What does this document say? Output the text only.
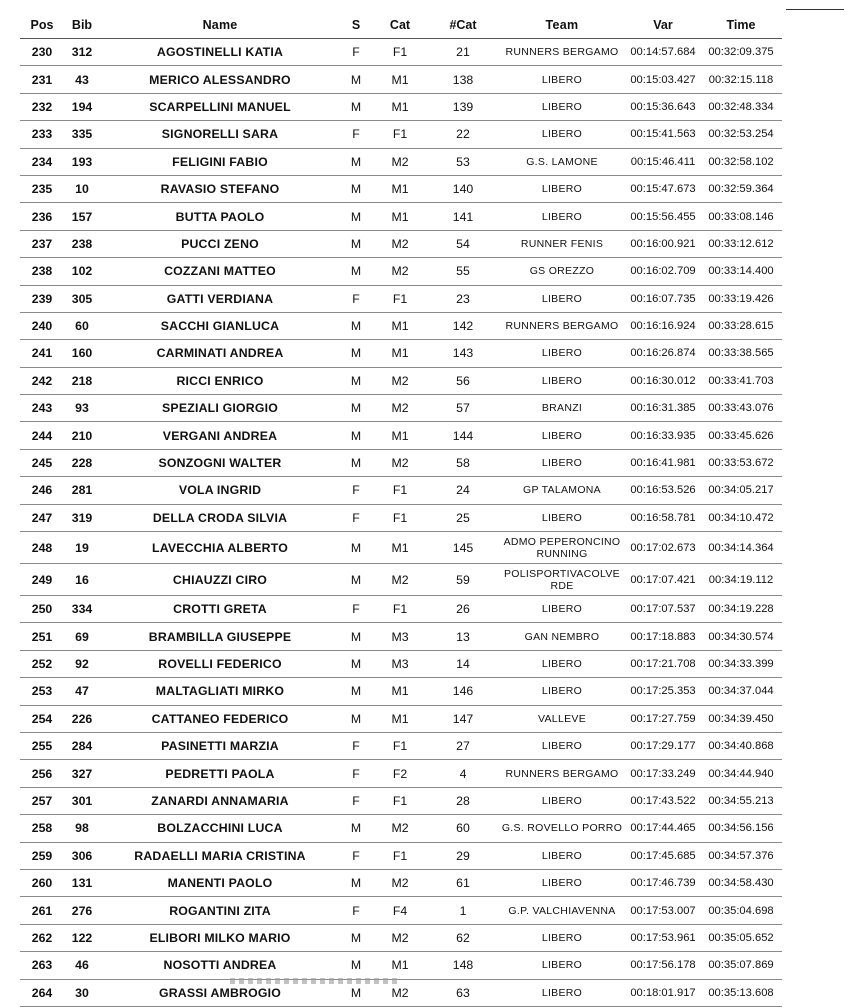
Pos	Bib	Name	S	Cat	#Cat	Team	Var	Time
230	312	AGOSTINELLI KATIA	F	F1	21	RUNNERS BERGAMO	00:14:57.684	00:32:09.375
231	43	MERICO ALESSANDRO	M	M1	138	LIBERO	00:15:03.427	00:32:15.118
232	194	SCARPELLINI MANUEL	M	M1	139	LIBERO	00:15:36.643	00:32:48.334
233	335	SIGNORELLI SARA	F	F1	22	LIBERO	00:15:41.563	00:32:53.254
234	193	FELIGINI FABIO	M	M2	53	G.S. LAMONE	00:15:46.411	00:32:58.102
235	10	RAVASIO STEFANO	M	M1	140	LIBERO	00:15:47.673	00:32:59.364
236	157	BUTTA PAOLO	M	M1	141	LIBERO	00:15:56.455	00:33:08.146
237	238	PUCCI ZENO	M	M2	54	RUNNER FENIS	00:16:00.921	00:33:12.612
238	102	COZZANI MATTEO	M	M2	55	GS OREZZO	00:16:02.709	00:33:14.400
239	305	GATTI VERDIANA	F	F1	23	LIBERO	00:16:07.735	00:33:19.426
240	60	SACCHI GIANLUCA	M	M1	142	RUNNERS BERGAMO	00:16:16.924	00:33:28.615
241	160	CARMINATI ANDREA	M	M1	143	LIBERO	00:16:26.874	00:33:38.565
242	218	RICCI ENRICO	M	M2	56	LIBERO	00:16:30.012	00:33:41.703
243	93	SPEZIALI GIORGIO	M	M2	57	BRANZI	00:16:31.385	00:33:43.076
244	210	VERGANI ANDREA	M	M1	144	LIBERO	00:16:33.935	00:33:45.626
245	228	SONZOGNI WALTER	M	M2	58	LIBERO	00:16:41.981	00:33:53.672
246	281	VOLA INGRID	F	F1	24	GP TALAMONA	00:16:53.526	00:34:05.217
247	319	DELLA CRODA SILVIA	F	F1	25	LIBERO	00:16:58.781	00:34:10.472
248	19	LAVECCHIA ALBERTO	M	M1	145	ADMO PEPERONCINO RUNNING	00:17:02.673	00:34:14.364
249	16	CHIAUZZI CIRO	M	M2	59	POLISPORTIVACOLVE RDE	00:17:07.421	00:34:19.112
250	334	CROTTI GRETA	F	F1	26	LIBERO	00:17:07.537	00:34:19.228
251	69	BRAMBILLA GIUSEPPE	M	M3	13	GAN NEMBRO	00:17:18.883	00:34:30.574
252	92	ROVELLI FEDERICO	M	M3	14	LIBERO	00:17:21.708	00:34:33.399
253	47	MALTAGLIATI MIRKO	M	M1	146	LIBERO	00:17:25.353	00:34:37.044
254	226	CATTANEO FEDERICO	M	M1	147	VALLEVE	00:17:27.759	00:34:39.450
255	284	PASINETTI MARZIA	F	F1	27	LIBERO	00:17:29.177	00:34:40.868
256	327	PEDRETTI PAOLA	F	F2	4	RUNNERS BERGAMO	00:17:33.249	00:34:44.940
257	301	ZANARDI ANNAMARIA	F	F1	28	LIBERO	00:17:43.522	00:34:55.213
258	98	BOLZACCHINI LUCA	M	M2	60	G.S. ROVELLO PORRO 00:17:44.465	00:34:56.156
259	306	RADAELLI MARIA CRISTINA	F	F1	29	LIBERO	00:17:45.685	00:34:57.376
260	131	MANENTI PAOLO	M	M2	61	LIBERO	00:17:46.739	00:34:58.430
261	276	ROGANTINI ZITA	F	F4	1	G.P. VALCHIAVENNA	00:17:53.007	00:35:04.698
262	122	ELIBORI MILKO MARIO	M	M2	62	LIBERO	00:17:53.961	00:35:05.652
263	46	NOSOTTI ANDREA	M	M1	148	LIBERO	00:17:56.178	00:35:07.869
264	30	GRASSI AMBROGIO	M	M2	63	LIBERO	00:18:01.917	00:35:13.608
